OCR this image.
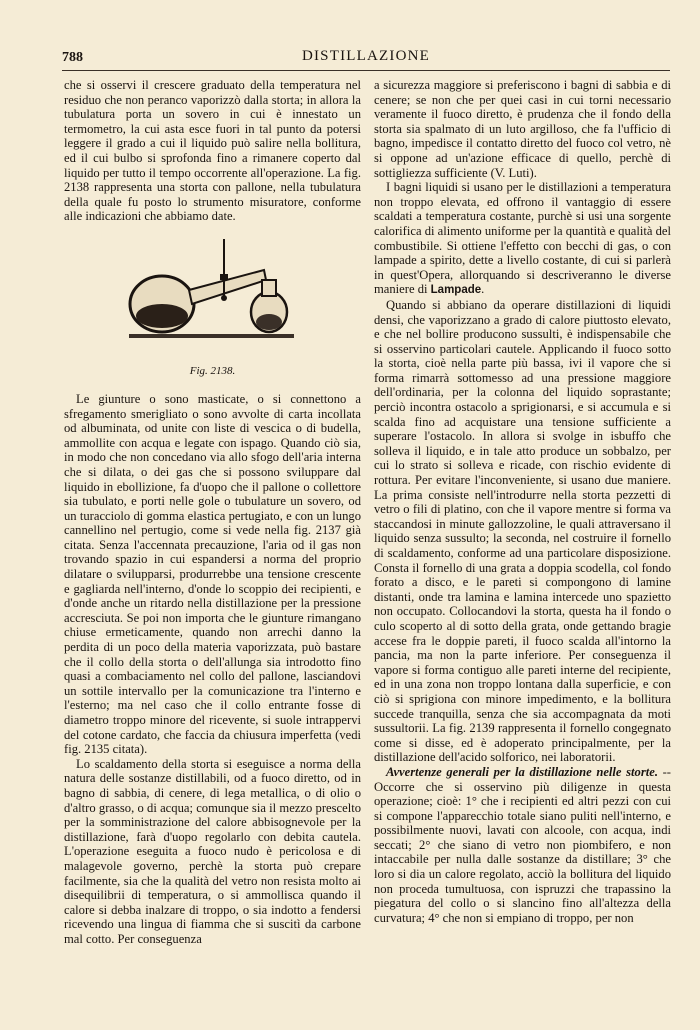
788	DISTILLAZIONE

che si osservi il crescere graduato della temperatura nel residuo che non peranco vaporizzò dalla storta; in allora la tubulatura porta un sovero in cui è innestato un termometro, la cui asta esce fuori in tal punto da potersi leggere il grado a cui il liquido può salire nella bollitura, ed il cui bulbo si sprofonda fino a rimanere coperto dal liquido per tutto il tempo occorrente all'operazione. La fig. 2138 rappresenta una storta con pallone, nella tubulatura della quale fu posto lo strumento misuratore, conforme alle indicazioni che abbiamo date.

Fig. 2138.

Le giunture o sono masticate, o si connettono a sfregamento smerigliato o sono avvolte di carta incollata od albuminata, od unite con liste di vescica o di budella, ammollite con acqua e legate con ispago. Quando ciò sia, in modo che non concedano via allo sfogo dell'aria interna che si dilata, o dei gas che si possono sviluppare dal liquido in ebollizione, fa d'uopo che il pallone o collettore sia tubulato, e porti nelle gole o tubulature un sovero, od un turacciolo di gomma elastica pertugiato, e con un lungo cannellino nel pertugio, come si vede nella fig. 2137 già citata. Senza l'accennata precauzione, l'aria od il gas non trovando spazio in cui espandersi a norma del proprio dilatare o svilupparsi, produrrebbe una tensione crescente e gagliarda nell'interno, d'onde lo scoppio dei recipienti, e d'onde anche un ritardo nella distillazione per la pressione accresciuta. Se poi non importa che le giunture rimangano chiuse ermeticamente, quando non arrechi danno la perdita di un poco della materia vaporizzata, può bastare che il collo della storta o dell'allunga sia introdotto fino quasi a combaciamento nel collo del pallone, lasciandovi un sottile intervallo per la comunicazione tra l'interno e l'esterno; ma nel caso che il collo entrante fosse di diametro troppo minore del ricevente, si suole intrappervi del cotone cardato, che faccia da chiusura imperfetta (vedi fig. 2135 citata).

Lo scaldamento della storta si eseguisce a norma della natura delle sostanze distillabili, od a fuoco diretto, od in bagno di sabbia, di cenere, di lega metallica, o di olio o d'altro grasso, o di acqua; comunque sia il mezzo prescelto per la somministrazione del calore abbisognevole per la distillazione, farà d'uopo regolarlo con debita cautela. L'operazione eseguita a fuoco nudo è pericolosa e di malagevole governo, perchè la storta può crepare facilmente, sia che la qualità del vetro non resista molto ai disequilibrii di temperatura, o si ammollisca quando il calore si debba inalzare di troppo, o sia indotto a fendersi ricevendo una lingua di fiamma che si suscitì da carbone mal cotto. Per conseguenza

a sicurezza maggiore si preferiscono i bagni di sabbia e di cenere; se non che per quei casi in cui torni necessario veramente il fuoco diretto, è prudenza che il fondo della storta sia spalmato di un luto argilloso, che fa l'ufficio di bagno, impedisce il contatto diretto del fuoco col vetro, nè si oppone ad un'azione efficace di quello, perchè di sottigliezza sufficiente (V. Luti).

I bagni liquidi si usano per le distillazioni a temperatura non troppo elevata, ed offrono il vantaggio di essere scaldati a temperatura costante, purchè si usi una sorgente calorifica di alimento uniforme per la quantità e qualità del combustibile. Si ottiene l'effetto con becchi di gas, o con lampade a spirito, dette a livello costante, di cui si parlerà in quest'Opera, allorquando si descriveranno le diverse maniere di Lampade.

Quando si abbiano da operare distillazioni di liquidi densi, che vaporizzano a grado di calore piuttosto elevato, e che nel bollire producono sussulti, è indispensabile che si osservino particolari cautele. Applicando il fuoco sotto la storta, cioè nella parte più bassa, ivi il vapore che si forma rimarrà sottomesso ad una pressione maggiore dell'ordinaria, per la colonna del liquido soprastante; perciò incontra ostacolo a sprigionarsi, e si accumula e si scalda fino ad acquistare una tensione sufficiente a superare l'ostacolo. In allora si svolge in isbuffo che solleva il liquido, e in tale atto produce un sobbalzo, per cui lo strato si solleva e ricade, con rischio evidente di rottura. Per evitare l'inconveniente, si usano due maniere. La prima consiste nell'introdurre nella storta pezzetti di vetro o fili di platino, con che il vapore mentre si forma va staccandosi in minute gallozzoline, le quali attraversano il liquido senza sussulto; la seconda, nel costruire il fornello di scaldamento, conforme ad una particolare disposizione. Consta il fornello di una grata a doppia scodella, col fondo forato a disco, e le pareti si compongono di lamine distanti, onde tra lamina e lamina intercede uno spazietto non occupato. Collocandovi la storta, questa ha il fondo o culo scoperto al di sotto della grata, onde gettando bragie accese fra le doppie pareti, il fuoco scalda all'intorno la pancia, ma non la parte inferiore. Per conseguenza il vapore si forma contiguo alle pareti interne del recipiente, ed in una zona non troppo lontana dalla superficie, e con ciò si sprigiona con minore impedimento, e la bollitura succede tranquilla, senza che sia accompagnata da moti sussultorii. La fig. 2139 rappresenta il fornello congegnato come si disse, ed è adoperato principalmente, per la distillazione dell'acido solforico, nei laboratorii.

Avvertenze generali per la distillazione nelle storte. -- Occorre che si osservino più diligenze in questa operazione; cioè: 1° che i recipienti ed altri pezzi con cui si compone l'apparecchio totale siano puliti nell'interno, e possibilmente nuovi, lavati con alcoole, con acqua, indi seccati; 2° che siano di vetro non piombifero, e non intaccabile per nulla dalle sostanze da distillare; 3° che loro si dia un calore regolato, acciò la bollitura del liquido non proceda tumultuosa, con ispruzzi che trapassino la piegatura del collo o si slancino fino all'altezza della curvatura; 4° che non si empiano di troppo, per non
